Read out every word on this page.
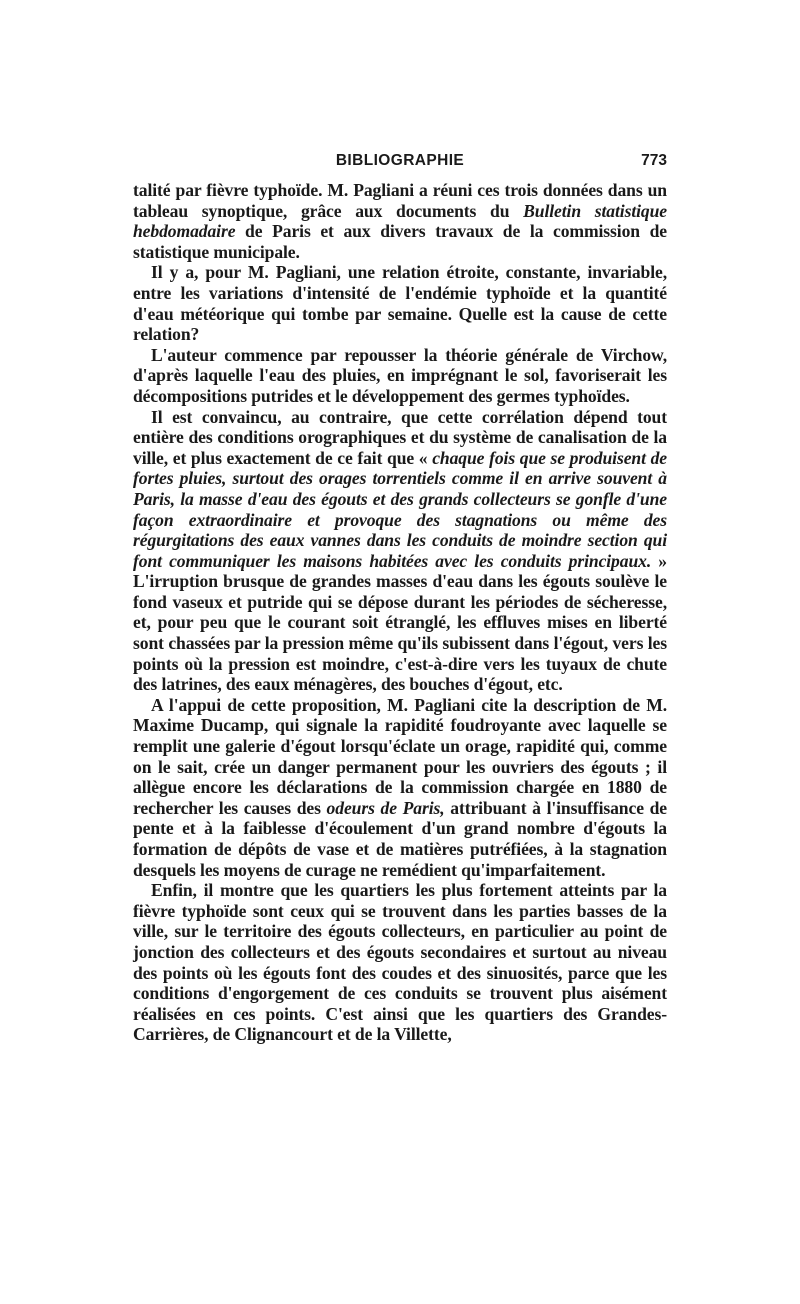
BIBLIOGRAPHIE	773

talité par fièvre typhoïde. M. Pagliani a réuni ces trois données dans un tableau synoptique, grâce aux documents du Bulletin statistique hebdomadaire de Paris et aux divers travaux de la commission de statistique municipale.

Il y a, pour M. Pagliani, une relation étroite, constante, invariable, entre les variations d'intensité de l'endémie typhoïde et la quantité d'eau météorique qui tombe par semaine. Quelle est la cause de cette relation?

L'auteur commence par repousser la théorie générale de Virchow, d'après laquelle l'eau des pluies, en imprégnant le sol, favoriserait les décompositions putrides et le développement des germes typhoïdes.

Il est convaincu, au contraire, que cette corrélation dépend tout entière des conditions orographiques et du système de canalisation de la ville, et plus exactement de ce fait que « chaque fois que se produisent de fortes pluies, surtout des orages torrentiels comme il en arrive souvent à Paris, la masse d'eau des égouts et des grands collecteurs se gonfle d'une façon extraordinaire et provoque des stagnations ou même des régurgitations des eaux vannes dans les conduits de moindre section qui font communiquer les maisons habitées avec les conduits principaux. » L'irruption brusque de grandes masses d'eau dans les égouts soulève le fond vaseux et putride qui se dépose durant les périodes de sécheresse, et, pour peu que le courant soit étranglé, les effluves mises en liberté sont chassées par la pression même qu'ils subissent dans l'égout, vers les points où la pression est moindre, c'est-à-dire vers les tuyaux de chute des latrines, des eaux ménagères, des bouches d'égout, etc.

A l'appui de cette proposition, M. Pagliani cite la description de M. Maxime Ducamp, qui signale la rapidité foudroyante avec laquelle se remplit une galerie d'égout lorsqu'éclate un orage, rapidité qui, comme on le sait, crée un danger permanent pour les ouvriers des égouts ; il allègue encore les déclarations de la commission chargée en 1880 de rechercher les causes des odeurs de Paris, attribuant à l'insuffisance de pente et à la faiblesse d'écoulement d'un grand nombre d'égouts la formation de dépôts de vase et de matières putréfiées, à la stagnation desquels les moyens de curage ne remédient qu'imparfaitement.

Enfin, il montre que les quartiers les plus fortement atteints par la fièvre typhoïde sont ceux qui se trouvent dans les parties basses de la ville, sur le territoire des égouts collecteurs, en particulier au point de jonction des collecteurs et des égouts secondaires et surtout au niveau des points où les égouts font des coudes et des sinuosités, parce que les conditions d'engorgement de ces conduits se trouvent plus aisément réalisées en ces points. C'est ainsi que les quartiers des Grandes-Carrières, de Clignancourt et de la Villette,
